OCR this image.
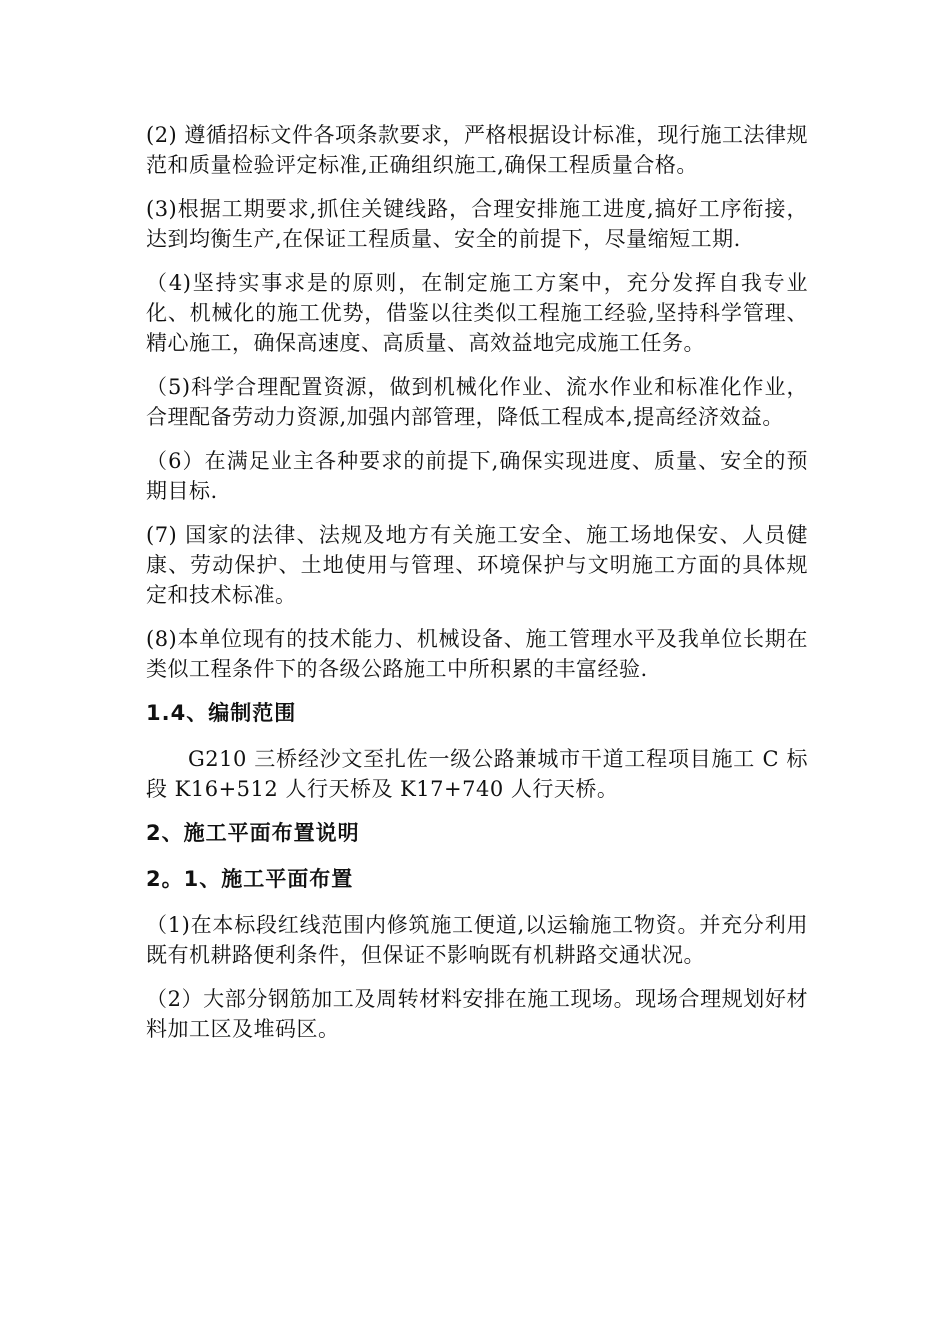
(2) 遵循招标文件各项条款要求，严格根据设计标准，现行施工法律规范和质量检验评定标准,正确组织施工,确保工程质量合格。

(3)根据工期要求,抓住关键线路，合理安排施工进度,搞好工序衔接，达到均衡生产,在保证工程质量、安全的前提下，尽量缩短工期.

（4)坚持实事求是的原则，在制定施工方案中，充分发挥自我专业化、机械化的施工优势，借鉴以往类似工程施工经验,坚持科学管理、精心施工，确保高速度、高质量、高效益地完成施工任务。

（5)科学合理配置资源，做到机械化作业、流水作业和标准化作业，合理配备劳动力资源,加强内部管理，降低工程成本,提高经济效益。

（6）在满足业主各种要求的前提下,确保实现进度、质量、安全的预期目标.

(7) 国家的法律、法规及地方有关施工安全、施工场地保安、人员健康、劳动保护、土地使用与管理、环境保护与文明施工方面的具体规定和技术标准。

(8)本单位现有的技术能力、机械设备、施工管理水平及我单位长期在类似工程条件下的各级公路施工中所积累的丰富经验.

1.4、编制范围

G210 三桥经沙文至扎佐一级公路兼城市干道工程项目施工 C 标段 K16+512 人行天桥及 K17+740 人行天桥。

2、施工平面布置说明
2。1、施工平面布置

（1)在本标段红线范围内修筑施工便道,以运输施工物资。并充分利用既有机耕路便利条件，但保证不影响既有机耕路交通状况。

（2）大部分钢筋加工及周转材料安排在施工现场。现场合理规划好材料加工区及堆码区。
